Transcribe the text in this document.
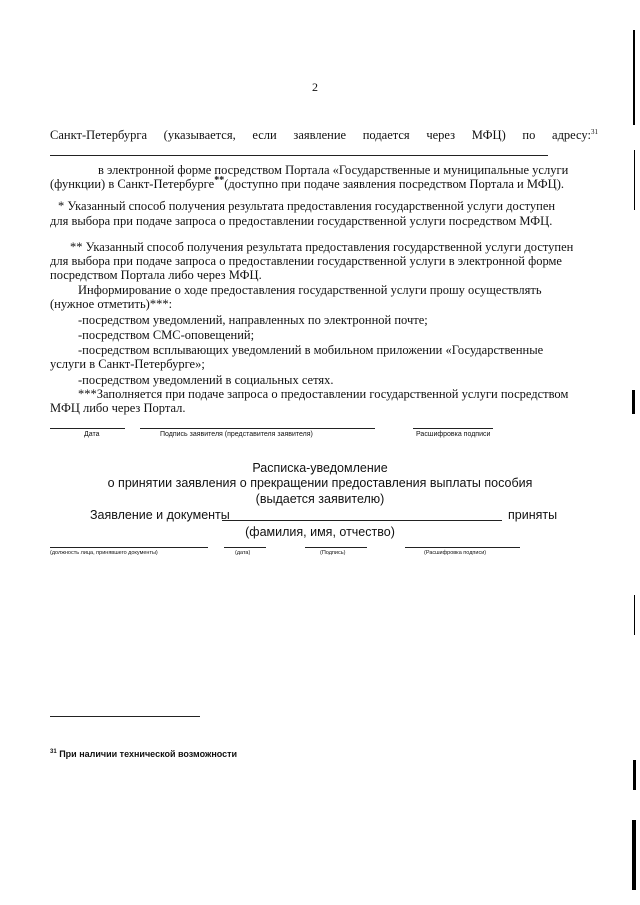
2
Санкт-Петербурга (указывается, если заявление подается через МФЦ) по адресу:$^{31}$
в электронной форме посредством Портала «Государственные и муниципальные услуги
(функции) в Санкт-Петербурге**(доступно при подаче заявления посредством Портала и МФЦ).
* Указанный способ получения результата предоставления государственной услуги доступен
для выбора при подаче запроса о предоставлении государственной услуги посредством МФЦ.
** Указанный способ получения результата предоставления государственной услуги доступен
для выбора при подаче запроса о предоставлении государственной услуги в электронной форме
посредством Портала либо через МФЦ.
Информирование о ходе предоставления государственной услуги прошу осуществлять
(нужное отметить)***:
-посредством уведомлений, направленных по электронной почте;
-посредством СМС-оповещений;
-посредством всплывающих уведомлений в мобильном приложении «Государственные
услуги в Санкт-Петербурге»;
-посредством уведомлений в социальных сетях.
***Заполняется при подаче запроса о предоставлении государственной услуги посредством
МФЦ либо через Портал.
Дата	Подпись заявителя (представителя заявителя)	Расшифровка подписи
Расписка-уведомление
о принятии заявления о прекращении предоставления выплаты пособия
(выдается заявителю)
Заявление и документы	приняты
(фамилия, имя, отчество)
(должность лица, принявшего документы)	(дата)	(Подпись)	(Расшифровка подписи)
$^{31}$ При наличии технической возможности
